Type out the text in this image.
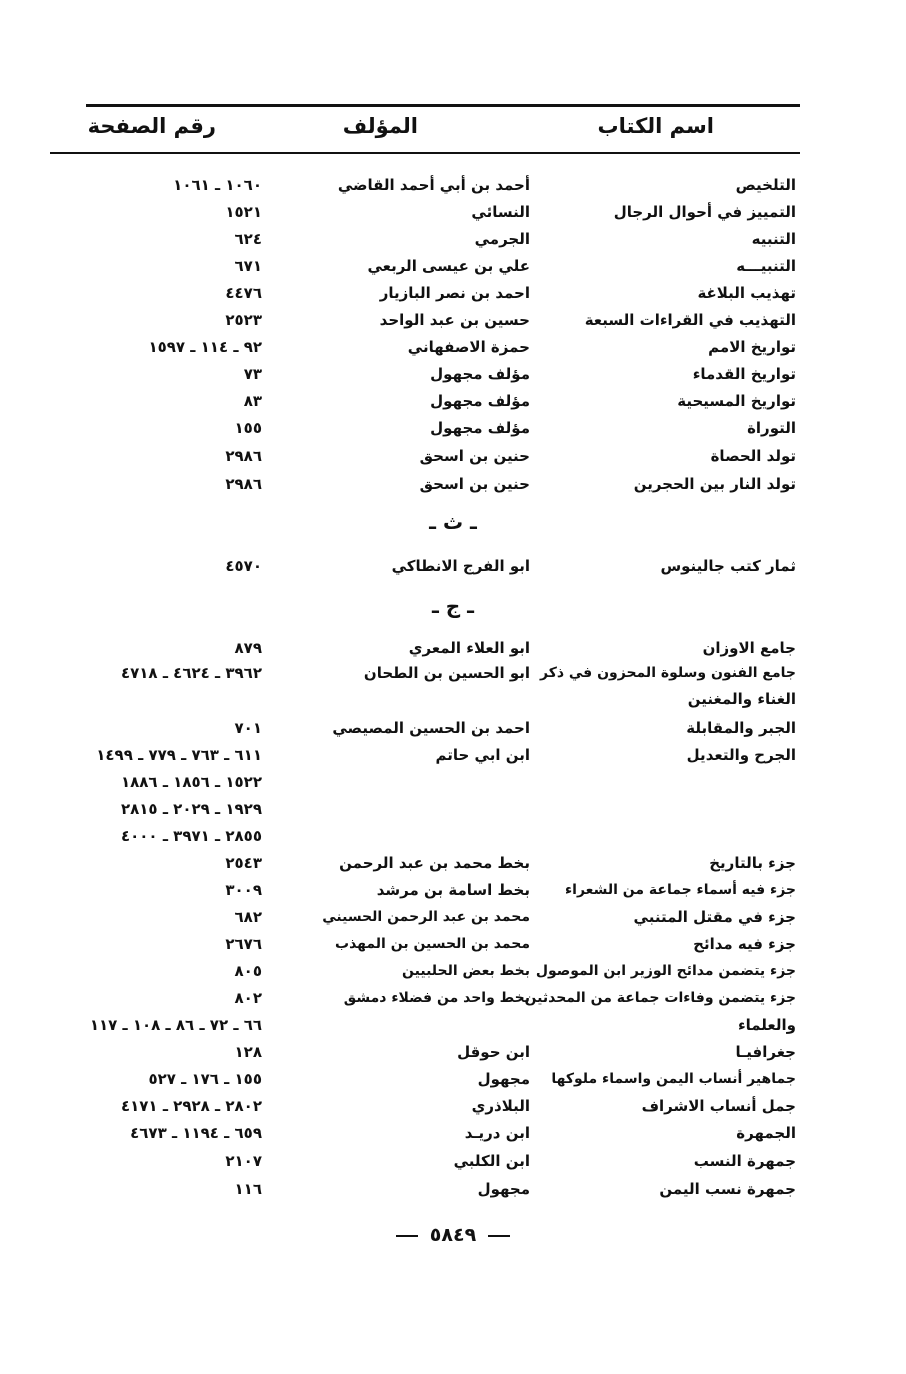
اسم الكتاب
المؤلف
رقم الصفحة
التلخيص
أحمد بن أبي أحمد القاضي
١٠٦٠ ـ ١٠٦١
التمييز في أحوال الرجال
النسائي
١٥٢١
التنبيه
الجرمي
٦٢٤
التنبيـــه
علي بن عيسى الربعي
٦٧١
تهذيب البلاغة
احمد بن نصر البازيار
٤٤٧٦
التهذيب في القراءات السبعة
حسين بن عبد الواحد
٢٥٢٣
تواريخ الامم
حمزة الاصفهاني
٩٢ ـ ١١٤ ـ ١٥٩٧
تواريخ القدماء
مؤلف مجهول
٧٣
تواريخ المسيحية
مؤلف مجهول
٨٣
التوراة
مؤلف مجهول
١٥٥
تولد الحصاة
حنين بن اسحق
٢٩٨٦
تولد النار بين الحجرين
حنين بن اسحق
٢٩٨٦
ـ ث ـ
ثمار كتب جالينوس
ابو الفرج الانطاكي
٤٥٧٠
ـ ج ـ
جامع الاوزان
ابو العلاء المعري
٨٧٩
جامع الفنون وسلوة المحزون في ذكر
ابو الحسين بن الطحان
٣٩٦٢ ـ ٤٦٢٤ ـ ٤٧١٨
الغناء والمغنين
الجبر والمقابلة
احمد بن الحسين المصيصي
٧٠١
الجرح والتعديل
ابن ابي حاتم
٦١١ ـ ٧٦٣ ـ ٧٧٩ ـ ١٤٩٩
١٥٢٢ ـ ١٨٥٦ ـ ١٨٨٦
١٩٢٩ ـ ٢٠٢٩ ـ ٢٨١٥
٢٨٥٥ ـ ٣٩٧١ ـ ٤٠٠٠
جزء بالتاريخ
بخط محمد بن عبد الرحمن
٢٥٤٣
جزء فيه أسماء جماعة من الشعراء
بخط اسامة بن مرشد
٣٠٠٩
جزء في مقتل المتنبي
محمد بن عبد الرحمن الحسيني
٦٨٢
جزء فيه مدائح
محمد بن الحسين بن المهذب
٢٦٧٦
جزء يتضمن مدائح الوزير ابن الموصول
بخط بعض الحلبيين
٨٠٥
جزء يتضمن وفاءات جماعة من المحدثين
بخط واحد من فضلاء دمشق
٨٠٢
والعلماء
٦٦ ـ ٧٢ ـ ٨٦ ـ ١٠٨ ـ ١١٧
جغرافيـا
ابن حوقل
١٢٨
جماهير أنساب اليمن واسماء ملوكها
مجهول
١٥٥ ـ ١٧٦ ـ ٥٢٧
جمل أنساب الاشراف
البلاذري
٢٨٠٢ ـ ٢٩٢٨ ـ ٤١٧١
الجمهرة
ابن دريـد
٦٥٩ ـ ١١٩٤ ـ ٤٦٧٣
جمهرة النسب
ابن الكلبي
٢١٠٧
جمهرة نسب اليمن
مجهول
١١٦
٥٨٤٩
